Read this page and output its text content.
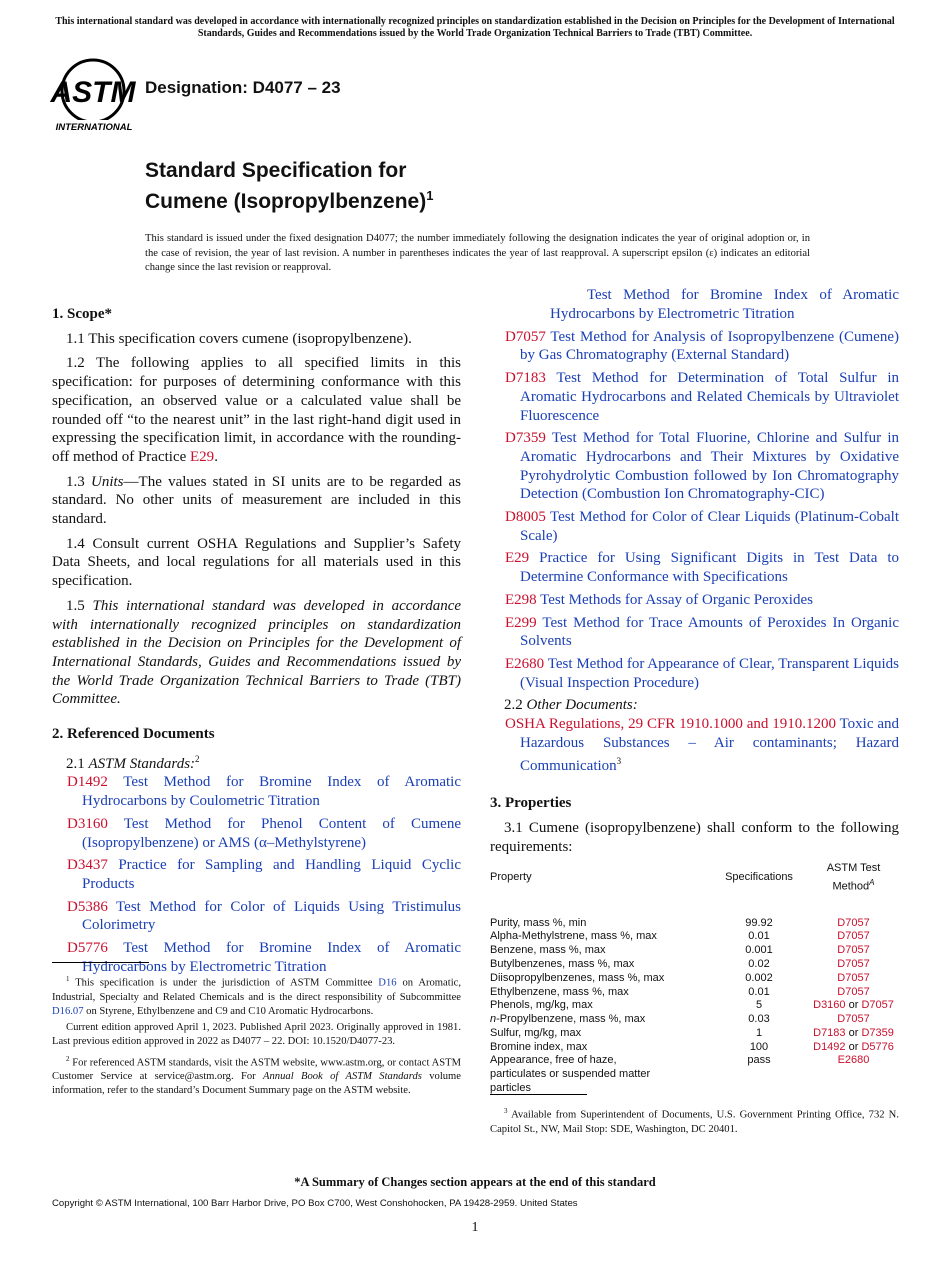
This international standard was developed in accordance with internationally recognized principles on standardization established in the Decision on Principles for the Development of International Standards, Guides and Recommendations issued by the World Trade Organization Technical Barriers to Trade (TBT) Committee.
ASTM
INTERNATIONAL
Designation: D4077 – 23
Standard Specification for
Cumene (Isopropylbenzene)$^1$
This standard is issued under the fixed designation D4077; the number immediately following the designation indicates the year of original adoption or, in the case of revision, the year of last revision. A number in parentheses indicates the year of last reapproval. A superscript epsilon (ε) indicates an editorial change since the last revision or reapproval.
1. Scope*

1.1 This specification covers cumene (isopropylbenzene).

1.2 The following applies to all specified limits in this specification: for purposes of determining conformance with this specification, an observed value or a calculated value shall be rounded off “to the nearest unit” in the last right-hand digit used in expressing the specification limit, in accordance with the rounding-off method of Practice E29.

1.3 Units—The values stated in SI units are to be regarded as standard. No other units of measurement are included in this standard.

1.4 Consult current OSHA Regulations and Supplier’s Safety Data Sheets, and local regulations for all materials used in this specification.

1.5 This international standard was developed in accordance with internationally recognized principles on standardization established in the Decision on Principles for the Development of International Standards, Guides and Recommendations issued by the World Trade Organization Technical Barriers to Trade (TBT) Committee.

2. Referenced Documents

2.1 ASTM Standards:$^2$

D1492 Test Method for Bromine Index of Aromatic Hydrocarbons by Coulometric Titration

D3160 Test Method for Phenol Content of Cumene (Isopropylbenzene) or AMS (α–Methylstyrene)

D3437 Practice for Sampling and Handling Liquid Cyclic Products

D5386 Test Method for Color of Liquids Using Tristimulus Colorimetry

D5776 Test Method for Bromine Index of Aromatic Hydrocarbons by Electrometric Titration

$^1$ This specification is under the jurisdiction of ASTM Committee D16 on Aromatic, Industrial, Specialty and Related Chemicals and is the direct responsibility of Subcommittee D16.07 on Styrene, Ethylbenzene and C9 and C10 Aromatic Hydrocarbons.

Current edition approved April 1, 2023. Published April 2023. Originally approved in 1981. Last previous edition approved in 2022 as D4077 – 22. DOI: 10.1520/D4077-23.

$^2$ For referenced ASTM standards, visit the ASTM website, www.astm.org, or contact ASTM Customer Service at service@astm.org. For Annual Book of ASTM Standards volume information, refer to the standard’s Document Summary page on the ASTM website.

Test Method for Bromine Index of Aromatic Hydrocarbons by Electrometric Titration

D7057 Test Method for Analysis of Isopropylbenzene (Cumene) by Gas Chromatography (External Standard)

D7183 Test Method for Determination of Total Sulfur in Aromatic Hydrocarbons and Related Chemicals by Ultraviolet Fluorescence

D7359 Test Method for Total Fluorine, Chlorine and Sulfur in Aromatic Hydrocarbons and Their Mixtures by Oxidative Pyrohydrolytic Combustion followed by Ion Chromatography Detection (Combustion Ion Chromatography-CIC)

D8005 Test Method for Color of Clear Liquids (Platinum-Cobalt Scale)

E29 Practice for Using Significant Digits in Test Data to Determine Conformance with Specifications

E298 Test Methods for Assay of Organic Peroxides

E299 Test Method for Trace Amounts of Peroxides In Organic Solvents

E2680 Test Method for Appearance of Clear, Transparent Liquids (Visual Inspection Procedure)

2.2 Other Documents:

OSHA Regulations, 29 CFR 1910.1000 and 1910.1200 Toxic and Hazardous Substances – Air contaminants; Hazard Communication$^3$

3. Properties

3.1 Cumene (isopropylbenzene) shall conform to the following requirements:

Property	Specifications	ASTM Test
Method$^A$
Purity, mass %, min	99.92	D7057
Alpha-Methylstrene, mass %, max	0.01	D7057
Benzene, mass %, max	0.001	D7057
Butylbenzenes, mass %, max	0.02	D7057
Diisopropylbenzenes, mass %, max	0.002	D7057
Ethylbenzene, mass %, max	0.01	D7057
Phenols, mg/kg, max	5	D3160 or D7057
n-Propylbenzene, mass %, max	0.03	D7057
Sulfur, mg/kg, max	1	D7183 or D7359
Bromine index, max	100	D1492 or D5776
Appearance, free of haze, particulates or suspended matter particles	pass	E2680

$^3$ Available from Superintendent of Documents, U.S. Government Printing Office, 732 N. Capitol St., NW, Mail Stop: SDE, Washington, DC 20401.

*A Summary of Changes section appears at the end of this standard
Copyright © ASTM International, 100 Barr Harbor Drive, PO Box C700, West Conshohocken, PA 19428-2959. United States
1
